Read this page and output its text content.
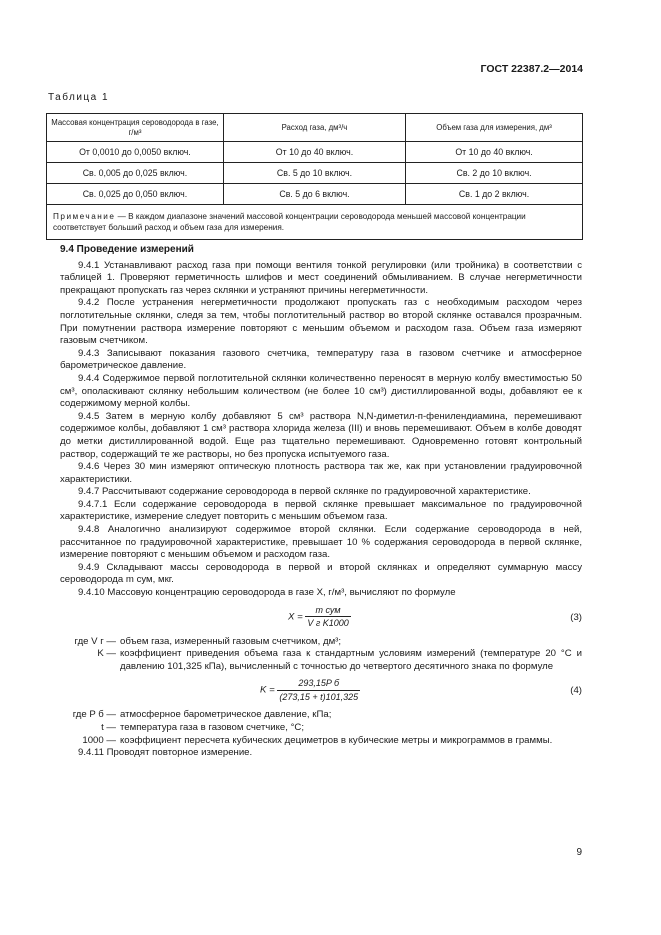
ГОСТ 22387.2—2014
Таблица 1
Массовая концентрация сероводорода в газе, г/м³	Расход газа, дм³/ч	Объем газа для измерения, дм³
От 0,0010 до 0,0050 включ.	От 10 до 40 включ.	От 10 до 40 включ.
Св. 0,005 до 0,025 включ.	Св. 5 до 10 включ.	Св. 2 до 10 включ.
Св. 0,025 до 0,050 включ.	Св. 5 до 6 включ.	Св. 1 до 2 включ.
Примечание — В каждом диапазоне значений массовой концентрации сероводорода меньшей массовой концентрации соответствует больший расход и объем газа для измерения.		
9.4 Проведение измерений

9.4.1 Устанавливают расход газа при помощи вентиля тонкой регулировки (или тройника) в соответствии с таблицей 1. Проверяют герметичность шлифов и мест соединений обмыливанием. В случае негерметичности прекращают пропускать газ через склянки и устраняют причины негерметичности.

9.4.2 После устранения негерметичности продолжают пропускать газ с необходимым расходом через поглотительные склянки, следя за тем, чтобы поглотительный раствор во второй склянке оставался прозрачным. При помутнении раствора измерение повторяют с меньшим объемом и расходом газа. Объем газа измеряют газовым счетчиком.

9.4.3 Записывают показания газового счетчика, температуру газа в газовом счетчике и атмосферное барометрическое давление.

9.4.4 Содержимое первой поглотительной склянки количественно переносят в мерную колбу вместимостью 50 см³, ополаскивают склянку небольшим количеством (не более 10 см³) дистиллированной воды, добавляют ее к содержимому мерной колбы.

9.4.5 Затем в мерную колбу добавляют 5 см³ раствора N,N-диметил-п-фенилендиамина, перемешивают содержимое колбы, добавляют 1 см³ раствора хлорида железа (III) и вновь перемешивают. Объем в колбе доводят до метки дистиллированной водой. Еще раз тщательно перемешивают. Одновременно готовят контрольный раствор, содержащий те же растворы, но без пропуска испытуемого газа.

9.4.6 Через 30 мин измеряют оптическую плотность раствора так же, как при установлении градуировочной характеристики.

9.4.7 Рассчитывают содержание сероводорода в первой склянке по градуировочной характеристике.

9.4.7.1 Если содержание сероводорода в первой склянке превышает максимальное по градуировочной характеристике, измерение следует повторить с меньшим объемом газа.

9.4.8 Аналогично анализируют содержимое второй склянки. Если содержание сероводорода в ней, рассчитанное по градуировочной характеристике, превышает 10 % содержания сероводорода в первой склянке, измерение повторяют с меньшим объемом и расходом газа.

9.4.9 Складывают массы сероводорода в первой и второй склянках и определяют суммарную массу сероводорода m сум, мкг.

9.4.10 Массовую концентрацию сероводорода в газе X, г/м³, вычисляют по формуле

$X = \frac{\text{m сум}}{\text{V г K1000}}$	(3)

где V г — объем газа, измеренный газовым счетчиком, дм³;

K — коэффициент приведения объема газа к стандартным условиям измерений (температуре 20 °С и давлению 101,325 кПа), вычисленный с точностью до четвертого десятичного знака по формуле

$K = \frac{\text{293,15P б}}{(273,15 + t)101,325}$	(4)

где P б — атмосферное барометрическое давление, кПа;

t — температура газа в газовом счетчике, °С;

1000 — коэффициент пересчета кубических дециметров в кубические метры и микрограммов в граммы.

9.4.11 Проводят повторное измерение.

9
